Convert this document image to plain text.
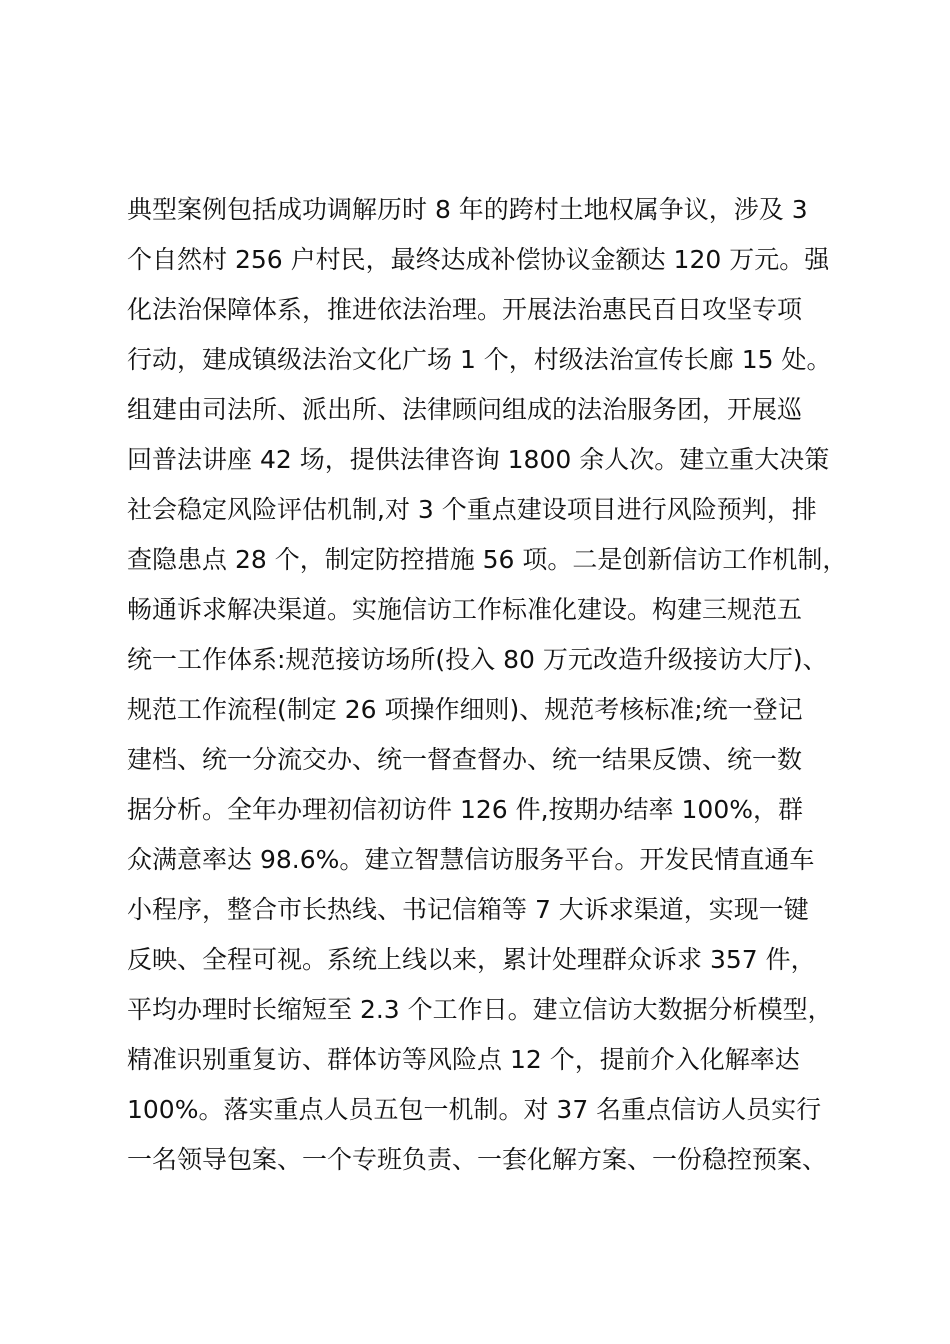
典型案例包括成功调解历时 8 年的跨村土地权属争议，涉及 3
个自然村 256 户村民，最终达成补偿协议金额达 120 万元。强
化法治保障体系，推进依法治理。开展法治惠民百日攻坚专项
行动，建成镇级法治文化广场 1 个，村级法治宣传长廊 15 处。
组建由司法所、派出所、法律顾问组成的法治服务团，开展巡
回普法讲座 42 场，提供法律咨询 1800 余人次。建立重大决策
社会稳定风险评估机制,对 3 个重点建设项目进行风险预判，排
查隐患点 28 个，制定防控措施 56 项。二是创新信访工作机制，
畅通诉求解决渠道。实施信访工作标准化建设。构建三规范五
统一工作体系:规范接访场所(投入 80 万元改造升级接访大厅)、
规范工作流程(制定 26 项操作细则)、规范考核标准;统一登记
建档、统一分流交办、统一督查督办、统一结果反馈、统一数
据分析。全年办理初信初访件 126 件,按期办结率 100%，群
众满意率达 98.6%。建立智慧信访服务平台。开发民情直通车
小程序，整合市长热线、书记信箱等 7 大诉求渠道，实现一键
反映、全程可视。系统上线以来，累计处理群众诉求 357 件，
平均办理时长缩短至 2.3 个工作日。建立信访大数据分析模型，
精准识别重复访、群体访等风险点 12 个，提前介入化解率达
100%。落实重点人员五包一机制。对 37 名重点信访人员实行
一名领导包案、一个专班负责、一套化解方案、一份稳控预案、
